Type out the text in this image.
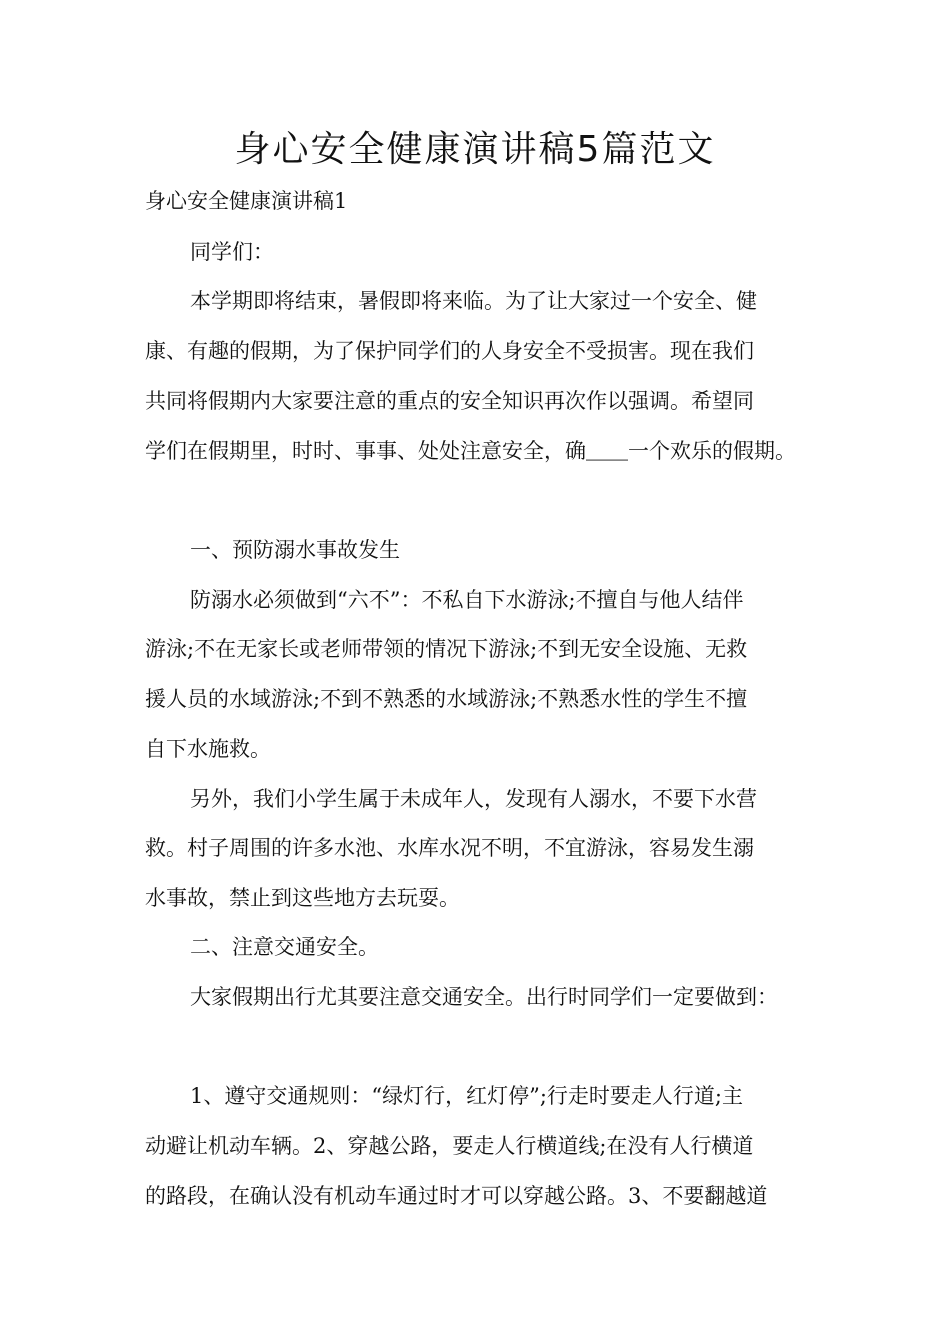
身心安全健康演讲稿5篇范文

身心安全健康演讲稿1

同学们：

本学期即将结束，暑假即将来临。为了让大家过一个安全、健

康、有趣的假期，为了保护同学们的人身安全不受损害。现在我们

共同将假期内大家要注意的重点的安全知识再次作以强调。希望同

学们在假期里，时时、事事、处处注意安全，确＿＿一个欢乐的假期。

一、预防溺水事故发生

防溺水必须做到“六不”：不私自下水游泳;不擅自与他人结伴

游泳;不在无家长或老师带领的情况下游泳;不到无安全设施、无救

援人员的水域游泳;不到不熟悉的水域游泳;不熟悉水性的学生不擅

自下水施救。

另外，我们小学生属于未成年人，发现有人溺水，不要下水营

救。村子周围的许多水池、水库水况不明，不宜游泳，容易发生溺

水事故，禁止到这些地方去玩耍。

二、注意交通安全。

大家假期出行尤其要注意交通安全。出行时同学们一定要做到：

1、遵守交通规则：“绿灯行，红灯停”;行走时要走人行道;主

动避让机动车辆。2、穿越公路，要走人行横道线;在没有人行横道

的路段，在确认没有机动车通过时才可以穿越公路。3、不要翻越道
